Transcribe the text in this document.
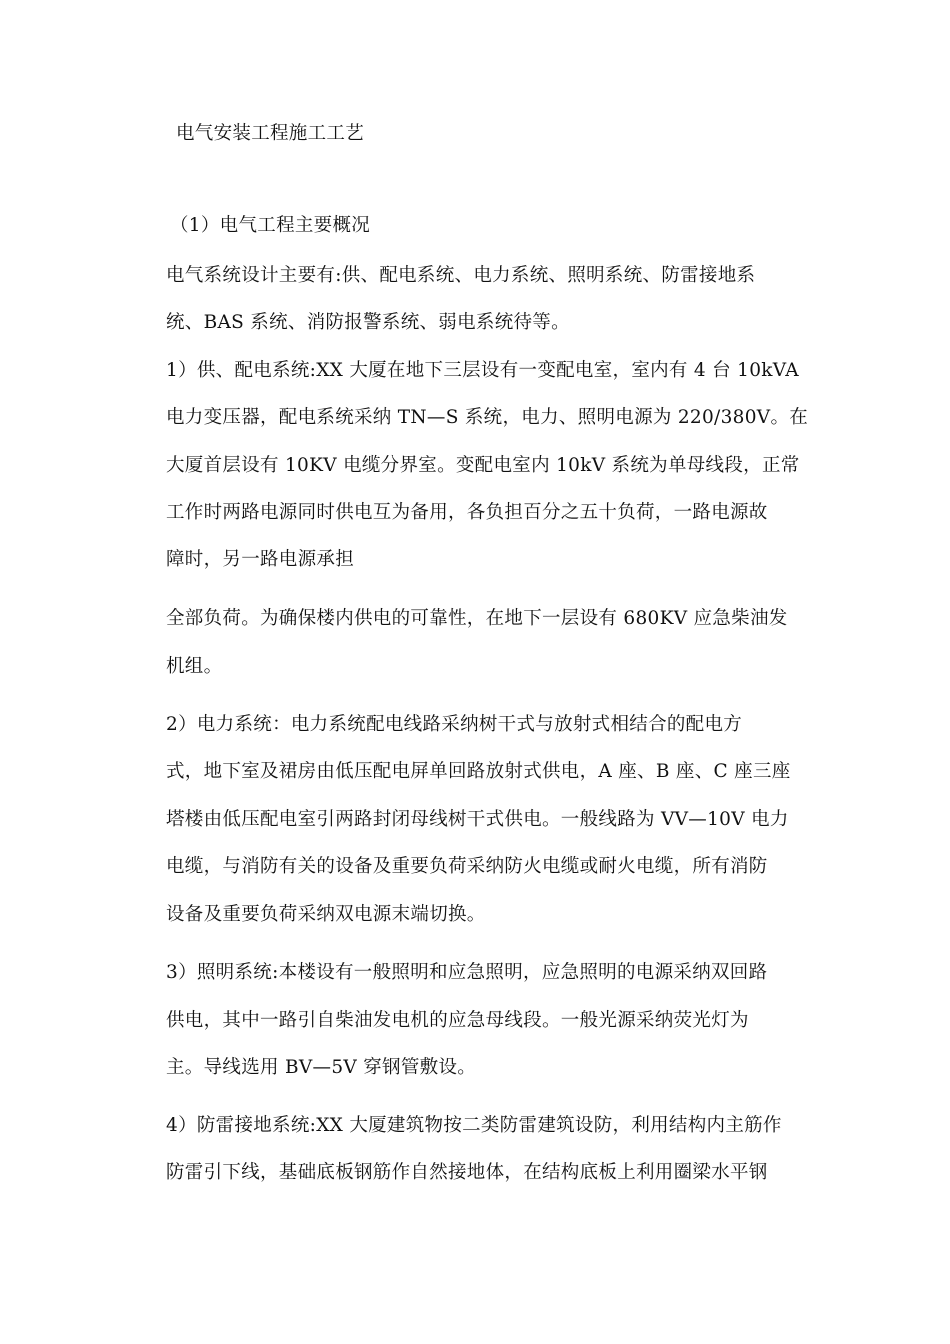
电气安装工程施工工艺
（1）电气工程主要概况
电气系统设计主要有:供、配电系统、电力系统、照明系统、防雷接地系
统、BAS 系统、消防报警系统、弱电系统待等。
1）供、配电系统:XX 大厦在地下三层设有一变配电室，室内有 4 台 10kVA
电力变压器，配电系统采纳 TN—S 系统，电力、照明电源为 220/380V。在
大厦首层设有 10KV 电缆分界室。变配电室内 10kV 系统为单母线段，正常
工作时两路电源同时供电互为备用，各负担百分之五十负荷，一路电源故
障时，另一路电源承担
全部负荷。为确保楼内供电的可靠性，在地下一层设有 680KV 应急柴油发
机组。
2）电力系统：电力系统配电线路采纳树干式与放射式相结合的配电方
式，地下室及裙房由低压配电屏单回路放射式供电，A 座、B 座、C 座三座
塔楼由低压配电室引两路封闭母线树干式供电。一般线路为 VV—10V 电力
电缆，与消防有关的设备及重要负荷采纳防火电缆或耐火电缆，所有消防
设备及重要负荷采纳双电源末端切换。
3）照明系统:本楼设有一般照明和应急照明，应急照明的电源采纳双回路
供电，其中一路引自柴油发电机的应急母线段。一般光源采纳荧光灯为
主。导线选用 BV—5V 穿钢管敷设。
4）防雷接地系统:XX 大厦建筑物按二类防雷建筑设防，利用结构内主筋作
防雷引下线，基础底板钢筋作自然接地体，在结构底板上利用圈梁水平钢
